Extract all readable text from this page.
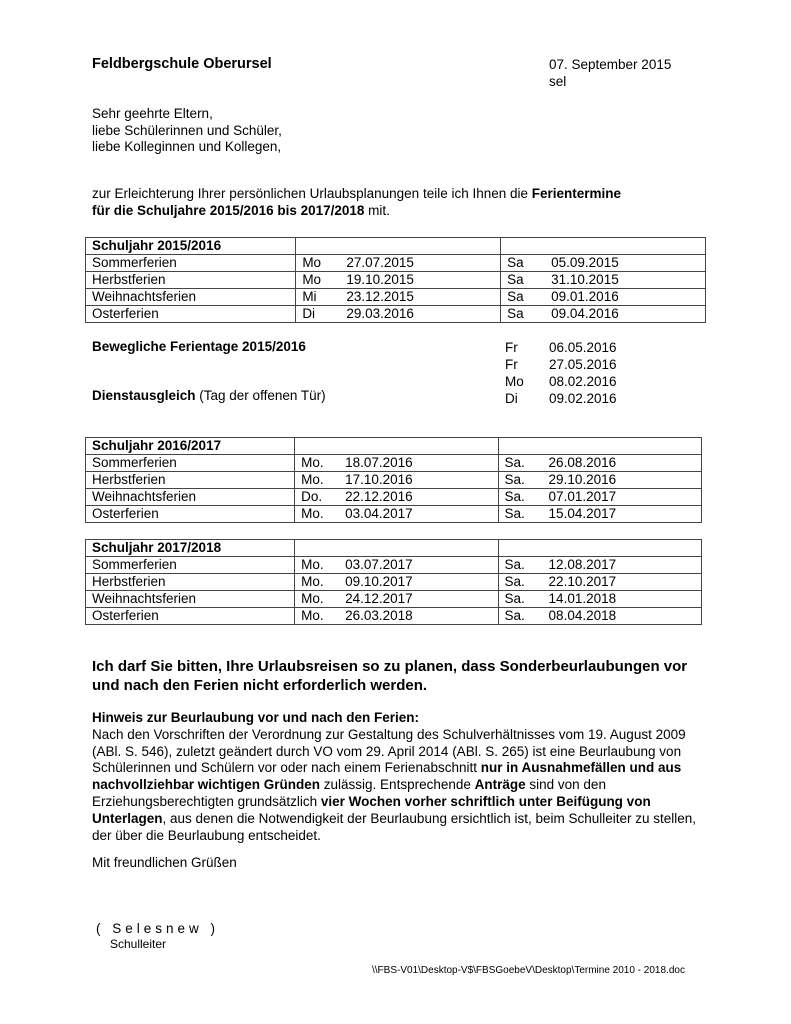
Feldbergschule Oberursel	07. September 2015
sel
Sehr geehrte Eltern,
liebe Schülerinnen und Schüler,
liebe Kolleginnen und Kollegen,
zur Erleichterung Ihrer persönlichen Urlaubsplanungen teile ich Ihnen die Ferientermine
für die Schuljahre 2015/2016 bis 2017/2018 mit.
Schuljahr 2015/2016		
Sommerferien	Mo 27.07.2015	Sa 05.09.2015
Herbstferien	Mo 19.10.2015	Sa 31.10.2015
Weihnachtsferien	Mi 23.12.2015	Sa 09.01.2016
Osterferien	Di 29.03.2016	Sa 09.04.2016
Bewegliche Ferientage 2015/2016	Fr 06.05.2016
Fr 27.05.2016
Mo 08.02.2016
Di 09.02.2016
Dienstausgleich (Tag der offenen Tür)
Schuljahr 2016/2017		
Sommerferien	Mo. 18.07.2016	Sa. 26.08.2016
Herbstferien	Mo. 17.10.2016	Sa. 29.10.2016
Weihnachtsferien	Do. 22.12.2016	Sa. 07.01.2017
Osterferien	Mo. 03.04.2017	Sa. 15.04.2017
Schuljahr 2017/2018		
Sommerferien	Mo. 03.07.2017	Sa. 12.08.2017
Herbstferien	Mo. 09.10.2017	Sa. 22.10.2017
Weihnachtsferien	Mo. 24.12.2017	Sa. 14.01.2018
Osterferien	Mo. 26.03.2018	Sa. 08.04.2018
Ich darf Sie bitten, Ihre Urlaubsreisen so zu planen, dass Sonderbeurlaubungen vor und nach den Ferien nicht erforderlich werden.
Hinweis zur Beurlaubung vor und nach den Ferien:
Nach den Vorschriften der Verordnung zur Gestaltung des Schulverhältnisses vom 19. August 2009 (ABl. S. 546), zuletzt geändert durch VO vom 29. April 2014 (ABl. S. 265) ist eine Beurlaubung von Schülerinnen und Schülern vor oder nach einem Ferienabschnitt nur in Ausnahmefällen und aus nachvollziehbar wichtigen Gründen zulässig. Entsprechende Anträge sind von den Erziehungsberechtigten grundsätzlich vier Wochen vorher schriftlich unter Beifügung von Unterlagen, aus denen die Notwendigkeit der Beurlaubung ersichtlich ist, beim Schulleiter zu stellen, der über die Beurlaubung entscheidet.
Mit freundlichen Grüßen
( Selesnew )
Schulleiter
\\FBS-V01\Desktop-V$\FBSGoebeV\Desktop\Termine 2010 - 2018.doc
